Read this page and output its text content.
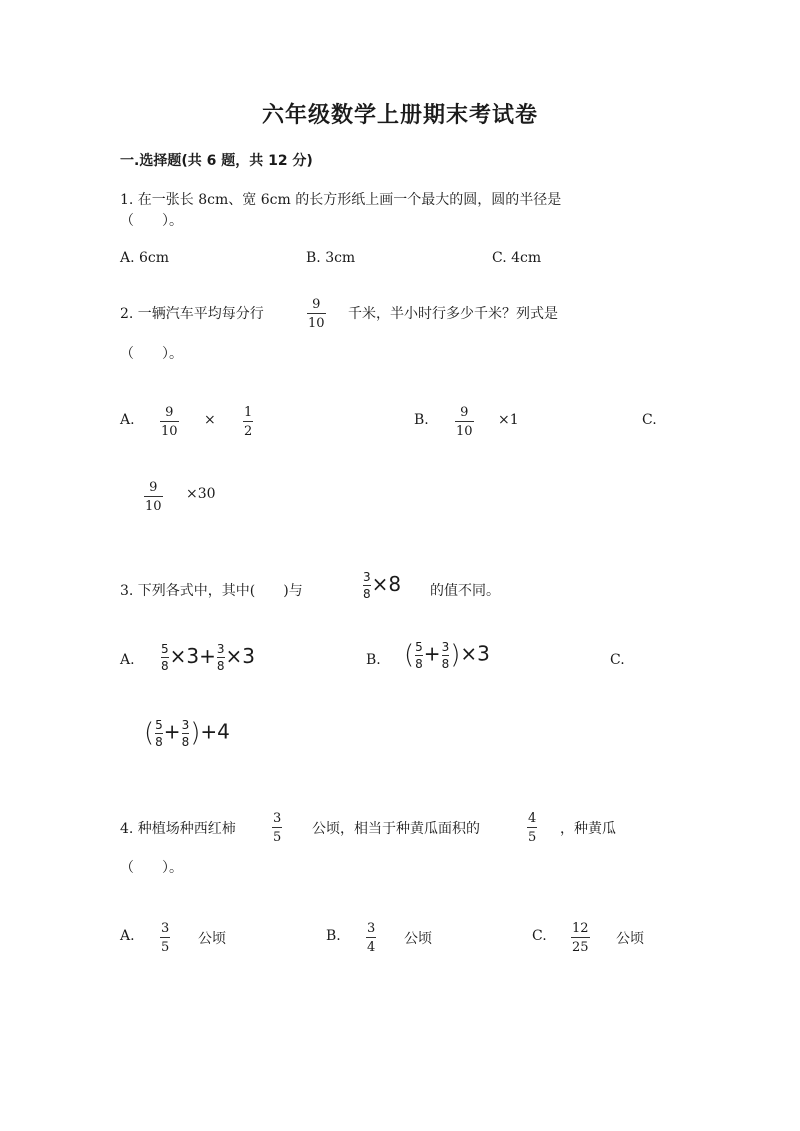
六年级数学上册期末考试卷
一.选择题(共 6 题，共 12 分)
1. 在一张长 8cm、宽 6cm 的长方形纸上画一个最大的圆，圆的半径是
（　　）。
A. 6cm	B. 3cm	C. 4cm
2. 一辆汽车平均每分行
9
10
千米，半小时行多少千米？列式是
（　　）。
A. 9
10
× 1
2
B. 9
10
×1	C.
9
10
×30
3. 下列各式中，其中(　　)与	$\frac{3}{8} \times 8$ 的值不同。
A. $\frac{5}{8} \times 3+ \frac{3}{8} \times 3$	B. ( $\frac{5}{8} + \frac{3}{8} )\times 3$	C.
( $\frac{5}{8} + \frac{3}{8} )+4$
4. 种植场种西红柿
3
5
公顷，相当于种黄瓜面积的
4
5
，种黄瓜
（　　）。
A. 3
5
公顷	B. 3
4
公顷	C. 12
25
公顷
